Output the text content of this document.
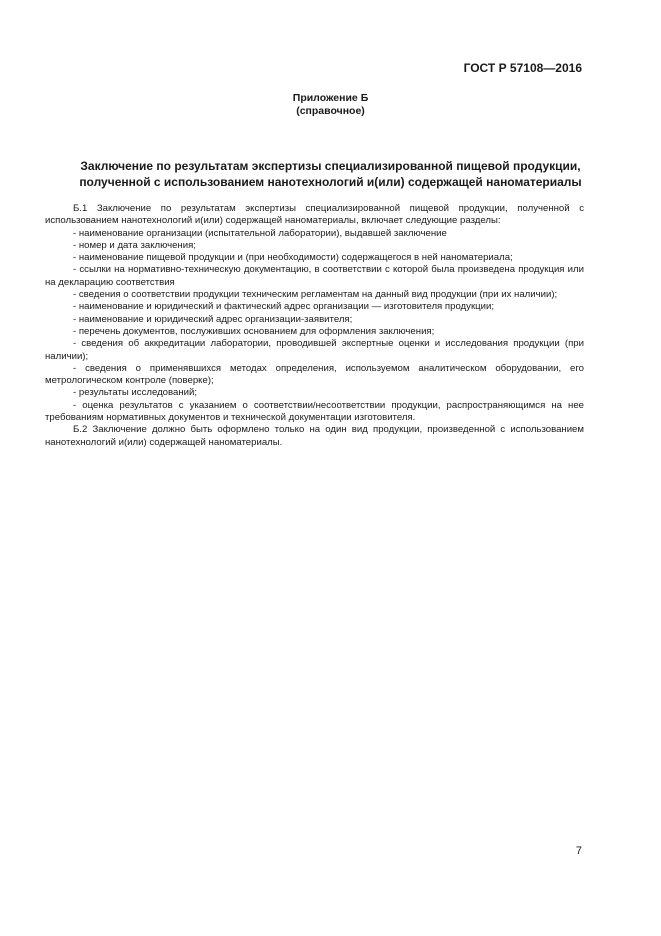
ГОСТ Р 57108—2016
Приложение Б
(справочное)
Заключение по результатам экспертизы специализированной пищевой продукции,
полученной с использованием нанотехнологий и(или) содержащей наноматериалы

Б.1 Заключение по результатам экспертизы специализированной пищевой продукции, полученной с использованием нанотехнологий и(или) содержащей наноматериалы, включает следующие разделы:

- наименование организации (испытательной лаборатории), выдавшей заключение

- номер и дата заключения;

- наименование пищевой продукции и (при необходимости) содержащегося в ней наноматериала;

- ссылки на нормативно-техническую документацию, в соответствии с которой была произведена продукция или на декларацию соответствия

- сведения о соответствии продукции техническим регламентам на данный вид продукции (при их наличии);

- наименование и юридический и фактический адрес организации — изготовителя продукции;

- наименование и юридический адрес организации-заявителя;

- перечень документов, послуживших основанием для оформления заключения;

- сведения об аккредитации лаборатории, проводившей экспертные оценки и исследования продукции (при наличии);

- сведения о применявшихся методах определения, используемом аналитическом оборудовании, его метрологическом контроле (поверке);

- результаты исследований;

- оценка результатов с указанием о соответствии/несоответствии продукции, распространяющимся на нее требованиям нормативных документов и технической документации изготовителя.

Б.2 Заключение должно быть оформлено только на один вид продукции, произведенной с использованием нанотехнологий и(или) содержащей наноматериалы.

7
